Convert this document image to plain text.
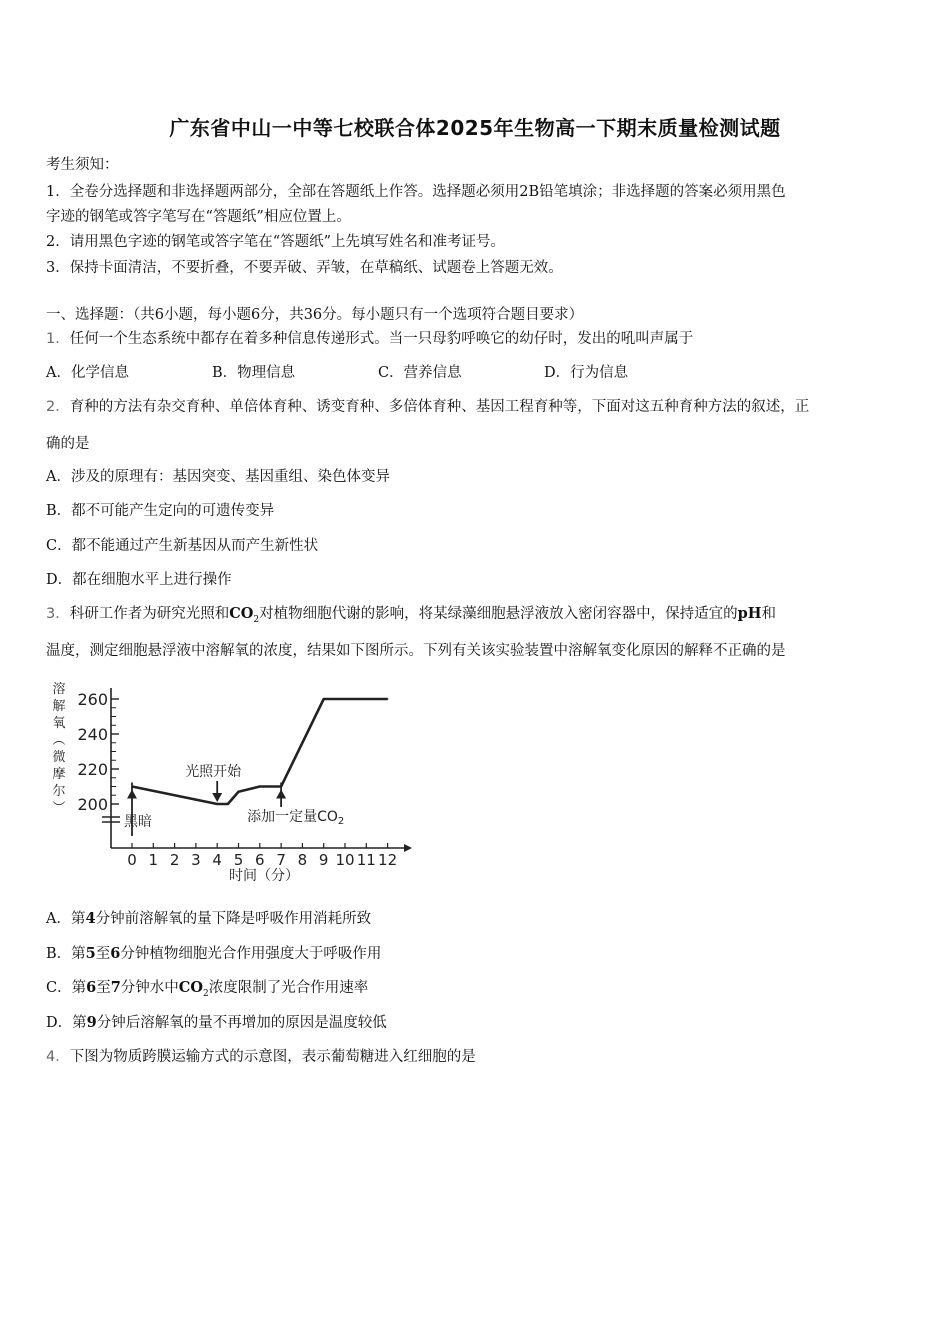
广东省中山一中等七校联合体2025年生物高一下期末质量检测试题
考生须知：
1．全卷分选择题和非选择题两部分，全部在答题纸上作答。选择题必须用2B铅笔填涂；非选择题的答案必须用黑色
字迹的钢笔或答字笔写在“答题纸”相应位置上。
2．请用黑色字迹的钢笔或答字笔在“答题纸”上先填写姓名和准考证号。
3．保持卡面清洁，不要折叠，不要弄破、弄皱，在草稿纸、试题卷上答题无效。
一、选择题：（共6小题，每小题6分，共36分。每小题只有一个选项符合题目要求）
1．任何一个生态系统中都存在着多种信息传递形式。当一只母豹呼唤它的幼仔时，发出的吼叫声属于
A．化学信息	B．物理信息	C．营养信息	D．行为信息
2．育种的方法有杂交育种、单倍体育种、诱变育种、多倍体育种、基因工程育种等，下面对这五种育种方法的叙述，正
确的是
A．涉及的原理有：基因突变、基因重组、染色体变异
B．都不可能产生定向的可遗传变异
C．都不能通过产生新基因从而产生新性状
D．都在细胞水平上进行操作
3．科研工作者为研究光照和$CO_2$对植物细胞代谢的影响，将某绿藻细胞悬浮液放入密闭容器中，保持适宜的pH和
温度，测定细胞悬浮液中溶解氧的浓度，结果如下图所示。下列有关该实验装置中溶解氧变化原因的解释不正确的是
溶
解
氧
︵
微
摩
尔
︶ 200
220
240
260
0 1 2 3 4 5 6 7 8 9 10 11 12
时间（分）
黑暗
光照开始
添加一定量$CO_2$
A．第4分钟前溶解氧的量下降是呼吸作用消耗所致
B．第5至6分钟植物细胞光合作用强度大于呼吸作用
C．第6至7分钟水中$CO_2$浓度限制了光合作用速率
D．第9分钟后溶解氧的量不再增加的原因是温度较低
4．下图为物质跨膜运输方式的示意图，表示葡萄糖进入红细胞的是
